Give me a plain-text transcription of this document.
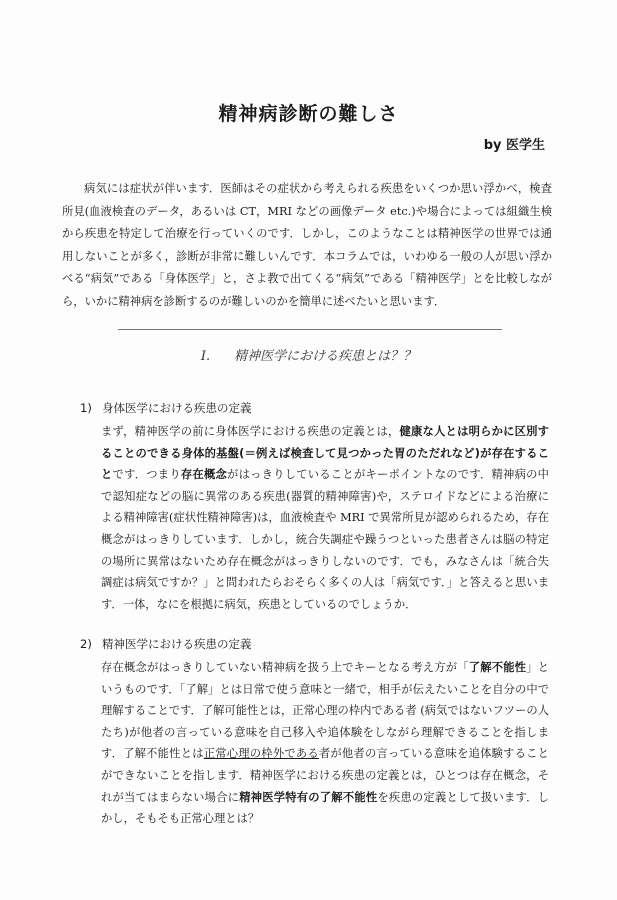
精神病診断の難しさ
by 医学生
病気には症状が伴います．医師はその症状から考えられる疾患をいくつか思い浮かべ，検査所見(血液検査のデータ，あるいは CT，MRI などの画像データ etc.)や場合によっては組織生検から疾患を特定して治療を行っていくのです．しかし，このようなことは精神医学の世界では通用しないことが多く，診断が非常に難しいんです．本コラムでは，いわゆる一般の人が思い浮かべる“病気”である「身体医学」と，さよ教で出てくる“病気”である「精神医学」とを比較しながら，いかに精神病を診断するのが難しいのかを簡単に述べたいと思います．
I. 精神医学における疾患とは？？
1) 身体医学における疾患の定義
まず，精神医学の前に身体医学における疾患の定義とは，健康な人とは明らかに区別することのできる身体的基盤(＝例えば検査して見つかった胃のただれなど)が存在することです．つまり存在概念がはっきりしていることがキーポイントなのです．精神病の中で認知症などの脳に異常のある疾患(器質的精神障害)や，ステロイドなどによる治療による精神障害(症状性精神障害)は，血液検査や MRI で異常所見が認められるため，存在概念がはっきりしています．しかし，統合失調症や躁うつといった患者さんは脳の特定の場所に異常はないため存在概念がはっきりしないのです．でも，みなさんは「統合失調症は病気ですか？」と問われたらおそらく多くの人は「病気です．」と答えると思います．一体，なにを根拠に病気，疾患としているのでしょうか．
2) 精神医学における疾患の定義
存在概念がはっきりしていない精神病を扱う上でキーとなる考え方が「了解不能性」というものです．「了解」とは日常で使う意味と一緒で，相手が伝えたいことを自分の中で理解することです．了解可能性とは，正常心理の枠内である者 (病気ではないフツーの人たち)が他者の言っている意味を自己移入や追体験をしながら理解できることを指します．了解不能性とは正常心理の枠外である者が他者の言っている意味を追体験することができないことを指します．精神医学における疾患の定義とは，ひとつは存在概念，それが当てはまらない場合に精神医学特有の了解不能性を疾患の定義として扱います．しかし，そもそも正常心理とは？
